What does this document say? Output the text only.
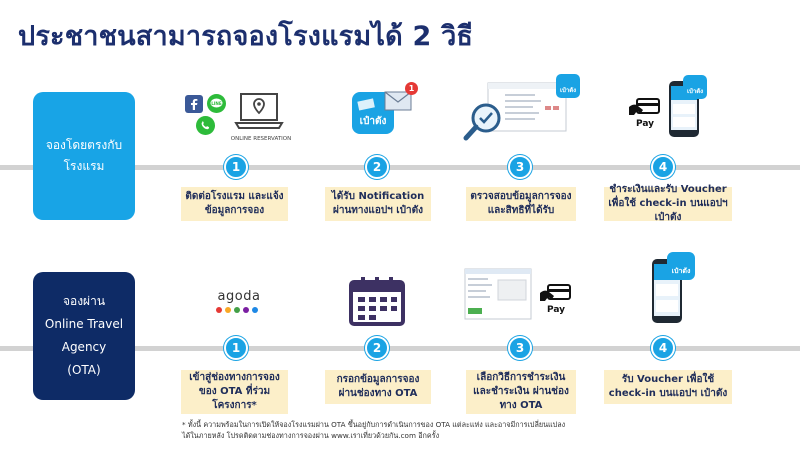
ประชาชนสามารถจองโรงแรมได้ 2 วิธี
จองโดยตรงกับ
โรงแรม
จองผ่าน
Online Travel
Agency
(OTA)
LINE
ONLINE RESERVATION
เป๋าตัง
1	เป๋าตัง
Pay
เป๋าตัง
1	2	3	4
ติดต่อโรงแรม และแจ้งข้อมูลการจอง
ได้รับ Notification ผ่านทางแอปฯ เป๋าตัง
ตรวจสอบข้อมูลการจอง และสิทธิที่ได้รับ
ชำระเงินและรับ Voucher เพื่อใช้ check-in บนแอปฯ เป๋าตัง
agoda
Pay
เป๋าตัง
1	2	3	4
เข้าสู่ช่องทางการจองของ OTA ที่ร่วมโครงการ*
กรอกข้อมูลการจอง ผ่านช่องทาง OTA
เลือกวิธีการชำระเงินและชำระเงิน ผ่านช่องทาง OTA
รับ Voucher เพื่อใช้ check-in บนแอปฯ เป๋าตัง
* ทั้งนี้ ความพร้อมในการเปิดให้จองโรงแรมผ่าน OTA ขึ้นอยู่กับการดำเนินการของ OTA แต่ละแห่ง และอาจมีการเปลี่ยนแปลงได้ในภายหลัง โปรดติดตามช่องทางการจองผ่าน www.เราเที่ยวด้วยกัน.com อีกครั้ง
